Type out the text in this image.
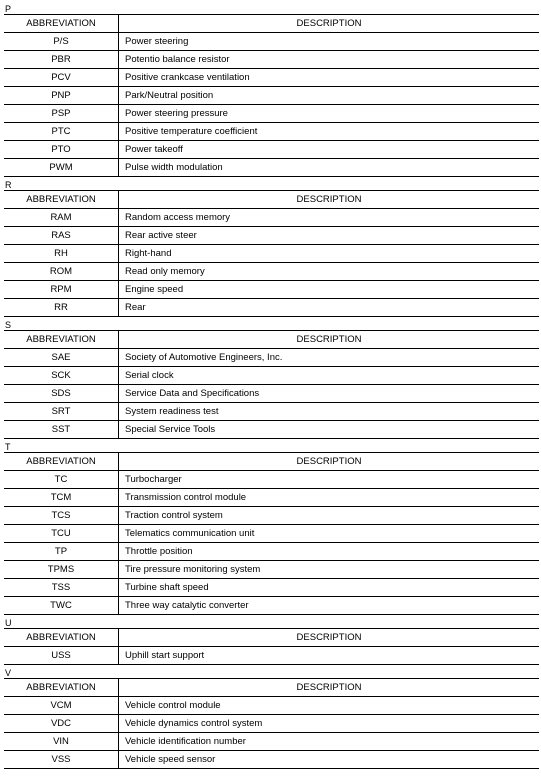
P
ABBREVIATION	DESCRIPTION
P/S	Power steering
PBR	Potentio balance resistor
PCV	Positive crankcase ventilation
PNP	Park/Neutral position
PSP	Power steering pressure
PTC	Positive temperature coefficient
PTO	Power takeoff
PWM	Pulse width modulation
R
ABBREVIATION	DESCRIPTION
RAM	Random access memory
RAS	Rear active steer
RH	Right-hand
ROM	Read only memory
RPM	Engine speed
RR	Rear
S
ABBREVIATION	DESCRIPTION
SAE	Society of Automotive Engineers, Inc.
SCK	Serial clock
SDS	Service Data and Specifications
SRT	System readiness test
SST	Special Service Tools
T
ABBREVIATION	DESCRIPTION
TC	Turbocharger
TCM	Transmission control module
TCS	Traction control system
TCU	Telematics communication unit
TP	Throttle position
TPMS	Tire pressure monitoring system
TSS	Turbine shaft speed
TWC	Three way catalytic converter
U
ABBREVIATION	DESCRIPTION
USS	Uphill start support
V
ABBREVIATION	DESCRIPTION
VCM	Vehicle control module
VDC	Vehicle dynamics control system
VIN	Vehicle identification number
VSS	Vehicle speed sensor
